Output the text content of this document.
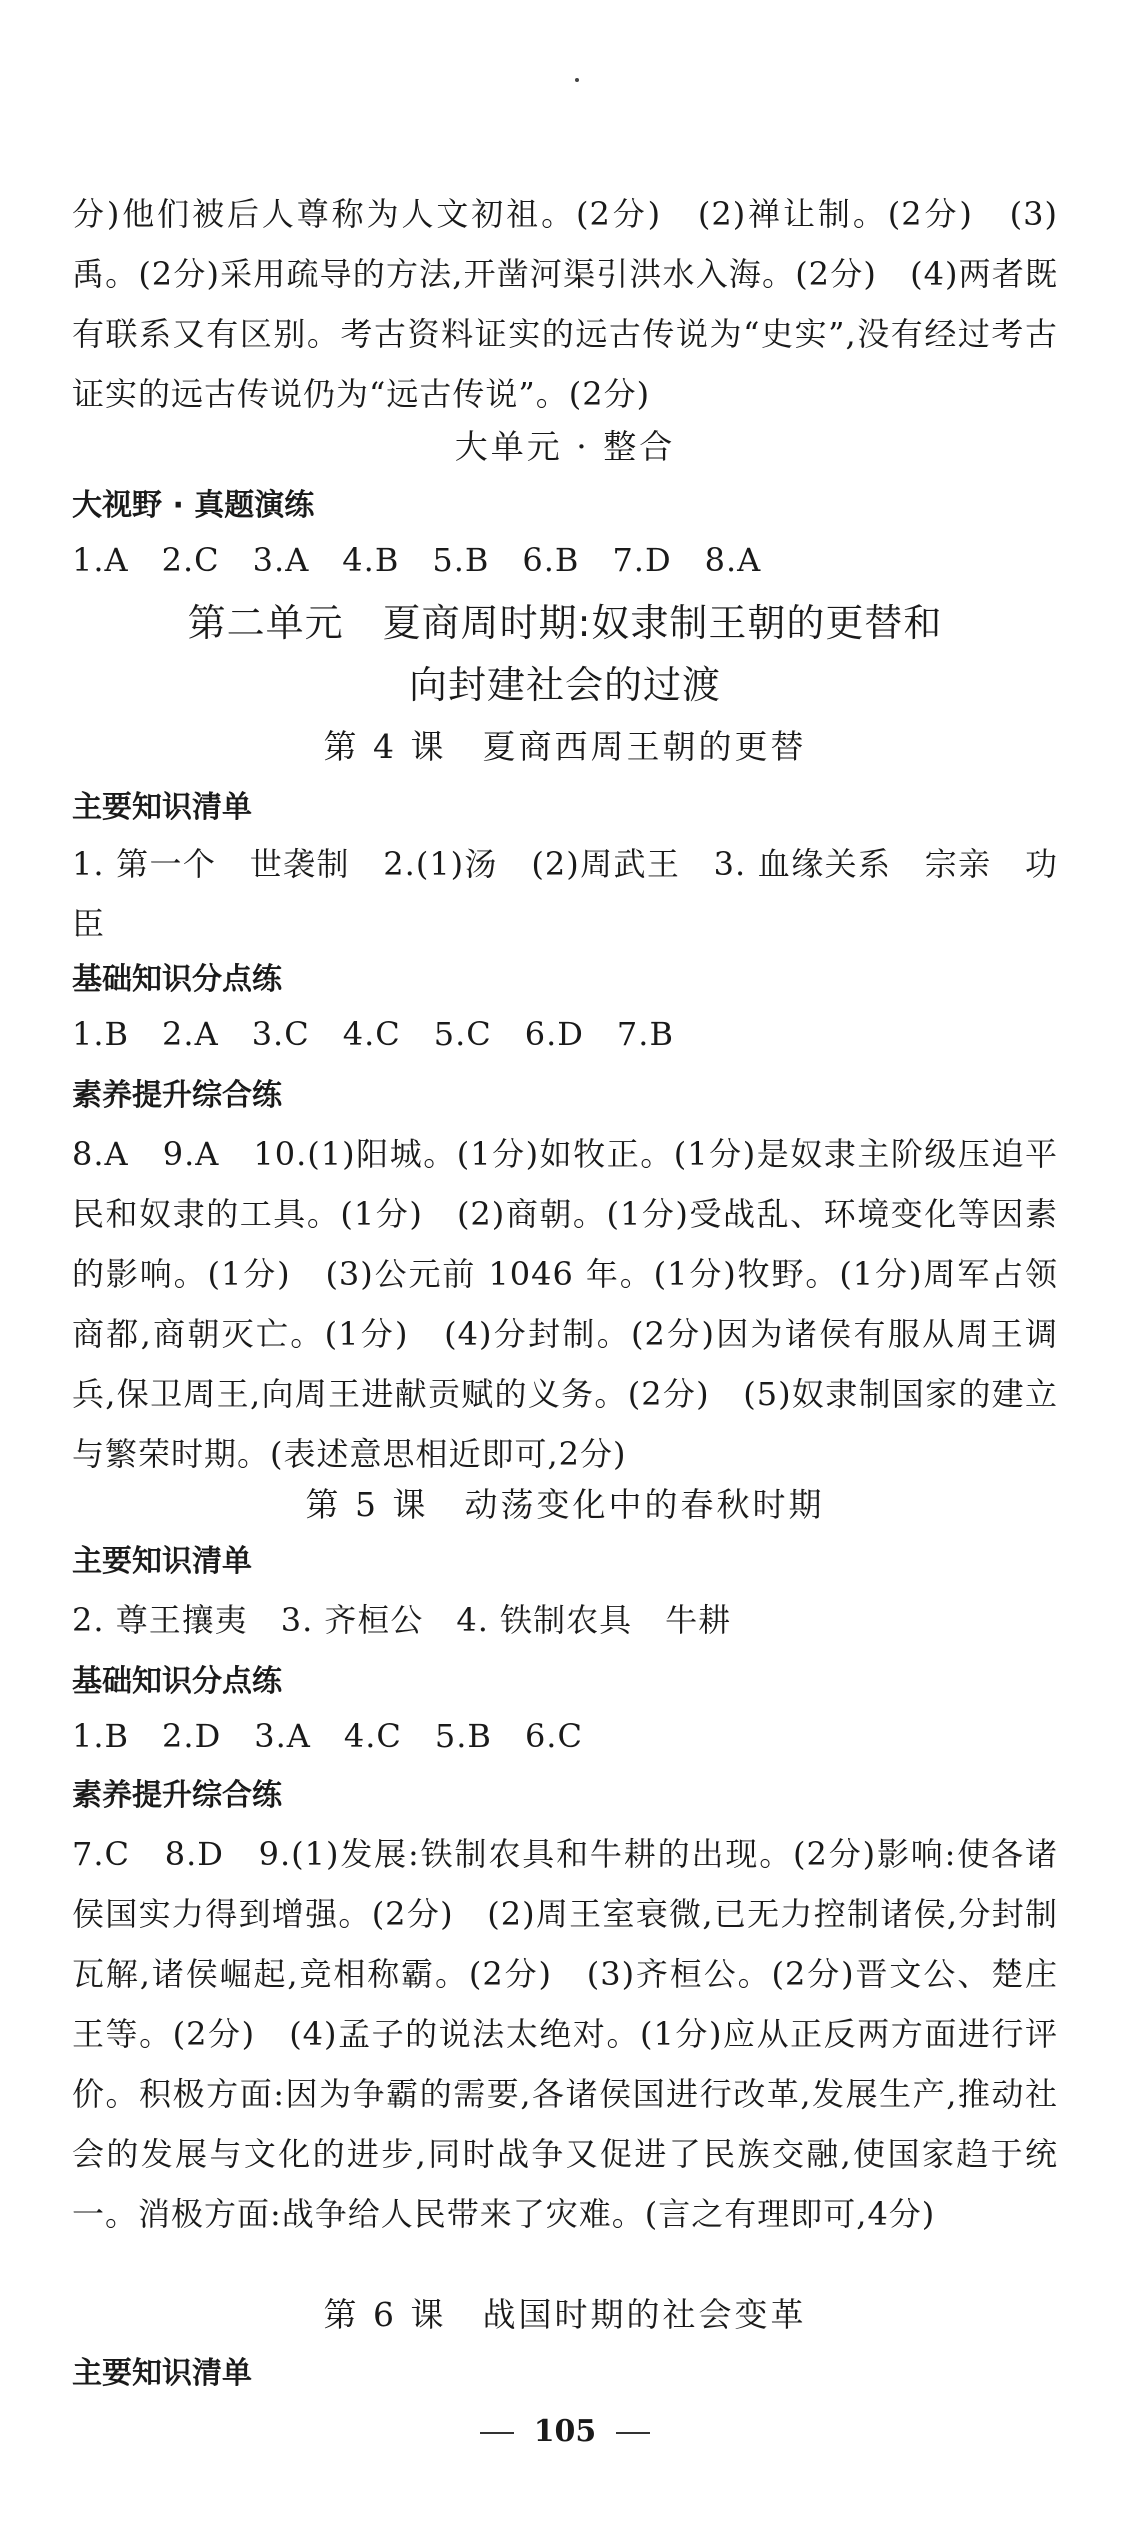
分)他们被后人尊称为人文初祖。(2分)　(2)禅让制。(2分)　(3)禹。(2分)采用疏导的方法,开凿河渠引洪水入海。(2分)　(4)两者既有联系又有区别。考古资料证实的远古传说为“史实”,没有经过考古证实的远古传说仍为“远古传说”。(2分)

大单元 · 整合

大视野 · 真题演练

1.A　2.C　3.A　4.B　5.B　6.B　7.D　8.A

第二单元　夏商周时期:奴隶制王朝的更替和

向封建社会的过渡

第 4 课　夏商西周王朝的更替

主要知识清单

1. 第一个　世袭制　2.(1)汤　(2)周武王　3. 血缘关系　宗亲　功臣

基础知识分点练

1.B　2.A　3.C　4.C　5.C　6.D　7.B

素养提升综合练

8.A　9.A　10.(1)阳城。(1分)如牧正。(1分)是奴隶主阶级压迫平民和奴隶的工具。(1分)　(2)商朝。(1分)受战乱、环境变化等因素的影响。(1分)　(3)公元前 1046 年。(1分)牧野。(1分)周军占领商都,商朝灭亡。(1分)　(4)分封制。(2分)因为诸侯有服从周王调兵,保卫周王,向周王进献贡赋的义务。(2分)　(5)奴隶制国家的建立与繁荣时期。(表述意思相近即可,2分)

第 5 课　动荡变化中的春秋时期

主要知识清单

2. 尊王攘夷　3. 齐桓公　4. 铁制农具　牛耕

基础知识分点练

1.B　2.D　3.A　4.C　5.B　6.C

素养提升综合练

7.C　8.D　9.(1)发展:铁制农具和牛耕的出现。(2分)影响:使各诸侯国实力得到增强。(2分)　(2)周王室衰微,已无力控制诸侯,分封制瓦解,诸侯崛起,竞相称霸。(2分)　(3)齐桓公。(2分)晋文公、楚庄王等。(2分)　(4)孟子的说法太绝对。(1分)应从正反两方面进行评价。积极方面:因为争霸的需要,各诸侯国进行改革,发展生产,推动社会的发展与文化的进步,同时战争又促进了民族交融,使国家趋于统一。消极方面:战争给人民带来了灾难。(言之有理即可,4分)

第 6 课　战国时期的社会变革

主要知识清单

105
